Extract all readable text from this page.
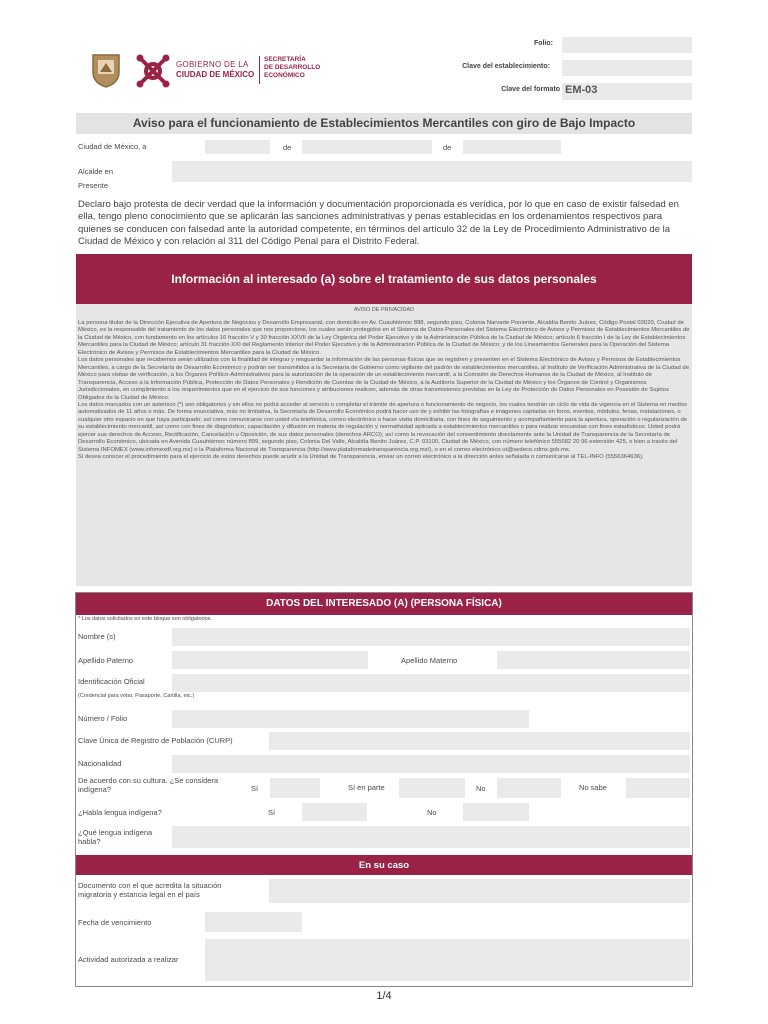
GOBIERNO DE LA
CIUDAD DE MÉXICO
SECRETARÍA
DE DESARROLLO
ECONÓMICO
Folio:
Clave del establecimiento:
Clave del formato EM-03
Aviso para el funcionamiento de Establecimientos Mercantiles con giro de Bajo Impacto
Ciudad de México, a	de	de
Alcalde en
Presente
Declaro bajo protesta de decir verdad que la información y documentación proporcionada es verídica, por lo que en caso de existir falsedad en ella, tengo pleno conocimiento que se aplicarán las sanciones administrativas y penas establecidas en los ordenamientos respectivos para quienes se conducen con falsedad ante la autoridad competente, en términos del artículo 32 de la Ley de Procedimiento Administrativo de la Ciudad de México y con relación al 311 del Código Penal para el Distrito Federal.
Información al interesado (a) sobre el tratamiento de sus datos personales
AVISO DE PRIVACIDAD
La persona titular de la Dirección Ejecutiva de Apertura de Negocios y Desarrollo Empresarial, con domicilio en Av. Cuauhtémoc 898, segundo piso, Colonia Narvarte Poniente, Alcaldía Benito Juárez, Código Postal 03020, Ciudad de México, es la responsable del tratamiento de los datos personales que nos proporcione, los cuales serán protegidos en el Sistema de Datos Personales del Sistema Electrónico de Avisos y Permisos de Establecimientos Mercantiles de la Ciudad de México, con fundamento en los artículos 16 fracción V y 30 fracción XXVII de la Ley Orgánica del Poder Ejecutivo y de la Administración Pública de la Ciudad de México; artículo 6 fracción I de la Ley de Establecimientos Mercantiles para la Ciudad de México; artículo 31 fracción XXI del Reglamento Interior del Poder Ejecutivo y de la Administración Pública de la Ciudad de México; y de los Lineamientos Generales para la Operación del Sistema Electrónico de Avisos y Permisos de Establecimientos Mercantiles para la Ciudad de México.
Los datos personales que recabemos serán utilizados con la finalidad de integrar y resguardar la información de las personas físicas que se registren y presenten en el Sistema Electrónico de Avisos y Permisos de Establecimientos Mercantiles, a cargo de la Secretaría de Desarrollo Económico y podrán ser transmitidos a la Secretaría de Gobierno como vigilante del padrón de establecimientos mercantiles, al Instituto de Verificación Administrativa de la Ciudad de México para visitas de verificación, a los Órganos Político-Administrativos para la autorización de la operación de un establecimiento mercantil, a la Comisión de Derechos Humanos de la Ciudad de México, al Instituto de Transparencia, Acceso a la Información Pública, Protección de Datos Personales y Rendición de Cuentas de la Ciudad de México, a la Auditoría Superior de la Ciudad de México y los Órganos de Control y Organismos Jurisdiccionales, en cumplimiento a los requerimientos que en el ejercicio de sus funciones y atribuciones realicen, además de otras transmisiones previstas en la Ley de Protección de Datos Personales en Posesión de Sujetos Obligados de la Ciudad de México.
Los datos marcados con un asterisco (*) son obligatorios y sin ellos no podrá acceder al servicio o completar el trámite de apertura o funcionamiento de negocio, los cuales tendrán un ciclo de vida de vigencia en el Sistema en medios automatizados de 11 años o más. De forma enunciativa, más no limitativa, la Secretaría de Desarrollo Económico podrá hacer uso de y exhibir las fotografías e imágenes captadas en foros, eventos, módulos, ferias, instalaciones, o cualquier otro espacio en que haya participado; así como comunicarse con usted vía telefónica, correo electrónico o hacer visita domiciliaria, con fines de seguimiento y acompañamiento para la apertura, operación o regularización de su establecimiento mercantil, así como con fines de diagnóstico, capacitación y difusión en materia de regulación y normatividad aplicada a establecimientos mercantiles o para realizar encuestas con fines estadísticos. Usted podrá ejercer sus derechos de Acceso, Rectificación, Cancelación u Oposición, de sus datos personales (derechos ARCO); así como la revocación del consentimiento directamente ante la Unidad de Transparencia de la Secretaría de Desarrollo Económico, ubicada en Avenida Cuauhtémoc número 899, segundo piso, Colonia Del Valle, Alcaldía Benito Juárez, C.P. 03100, Ciudad de México, con número telefónico 555682 20 96 extensión 425, o bien a través del Sistema INFOMEX (www.infomexdf.org.mx) o la Plataforma Nacional de Transparencia (http://www.plataformadetransparencia.org.mx/), o en el correo electrónico ut@sedeco.cdmx.gob.mx.
Si desea conocer el procedimiento para el ejercicio de estos derechos puede acudir a la Unidad de Transparencia, enviar un correo electrónico a la dirección antes señalada o comunicarse al TEL-INFO (5556364636).
DATOS DEL INTERESADO (A) (PERSONA FÍSICA)
* Los datos solicitados en este bloque son obligatorios.
Nombre (s)
Apellido Paterno	Apellido Materno
Identificación Oficial
(Credencial para votar, Pasaporte, Cartilla, etc.)
Número / Folio
Clave Única de Registro de Población (CURP)
Nacionalidad
De acuerdo con su cultura. ¿Se considera
indígena?	Sí	Sí en parte	No	No sabe
¿Habla lengua indígena?	Sí	No
¿Qué lengua indígena
habla?
En su caso
Documento con el que acredita la situación
migratoria y estancia legal en el país
Fecha de vencimiento
Actividad autorizada a realizar
1/4
